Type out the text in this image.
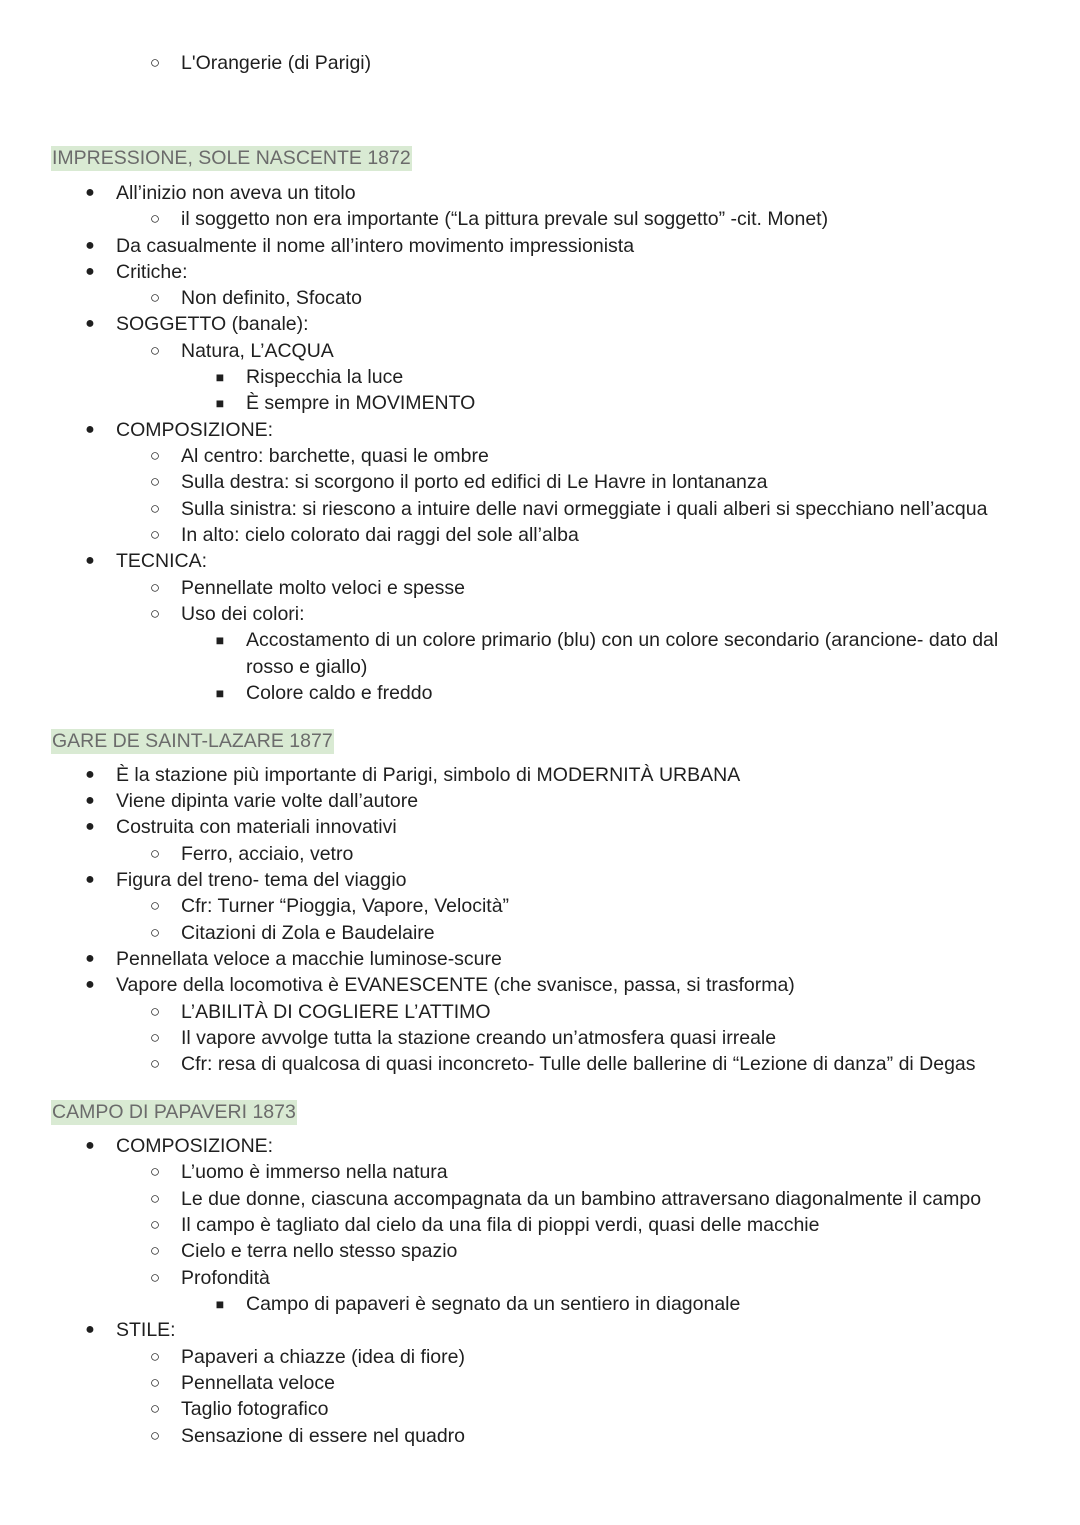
○ L'Orangerie (di Parigi)
IMPRESSIONE, SOLE NASCENTE 1872
● All’inizio non aveva un titolo
○ il soggetto non era importante (“La pittura prevale sul soggetto” -cit. Monet)
● Da casualmente il nome all’intero movimento impressionista
● Critiche:
○ Non definito, Sfocato
● SOGGETTO (banale):
○ Natura, L’ACQUA
■ Rispecchia la luce
■ È sempre in MOVIMENTO
● COMPOSIZIONE:
○ Al centro: barchette, quasi le ombre
○ Sulla destra: si scorgono il porto ed edifici di Le Havre in lontananza
○ Sulla sinistra: si riescono a intuire delle navi ormeggiate i quali alberi si specchiano nell’acqua
○ In alto: cielo colorato dai raggi del sole all’alba
● TECNICA:
○ Pennellate molto veloci e spesse
○ Uso dei colori:
■ Accostamento di un colore primario (blu) con un colore secondario (arancione- dato dal
rosso e giallo)
■ Colore caldo e freddo
GARE DE SAINT-LAZARE 1877
● È la stazione più importante di Parigi, simbolo di MODERNITÀ URBANA
● Viene dipinta varie volte dall’autore
● Costruita con materiali innovativi
○ Ferro, acciaio, vetro
● Figura del treno- tema del viaggio
○ Cfr: Turner “Pioggia, Vapore, Velocità”
○ Citazioni di Zola e Baudelaire
● Pennellata veloce a macchie luminose-scure
● Vapore della locomotiva è EVANESCENTE (che svanisce, passa, si trasforma)
○ L’ABILITÀ DI COGLIERE L’ATTIMO
○ Il vapore avvolge tutta la stazione creando un’atmosfera quasi irreale
○ Cfr: resa di qualcosa di quasi inconcreto- Tulle delle ballerine di “Lezione di danza” di Degas
CAMPO DI PAPAVERI 1873
● COMPOSIZIONE:
○ L’uomo è immerso nella natura
○ Le due donne, ciascuna accompagnata da un bambino attraversano diagonalmente il campo
○ Il campo è tagliato dal cielo da una fila di pioppi verdi, quasi delle macchie
○ Cielo e terra nello stesso spazio
○ Profondità
■ Campo di papaveri è segnato da un sentiero in diagonale
● STILE:
○ Papaveri a chiazze (idea di fiore)
○ Pennellata veloce
○ Taglio fotografico
○ Sensazione di essere nel quadro
